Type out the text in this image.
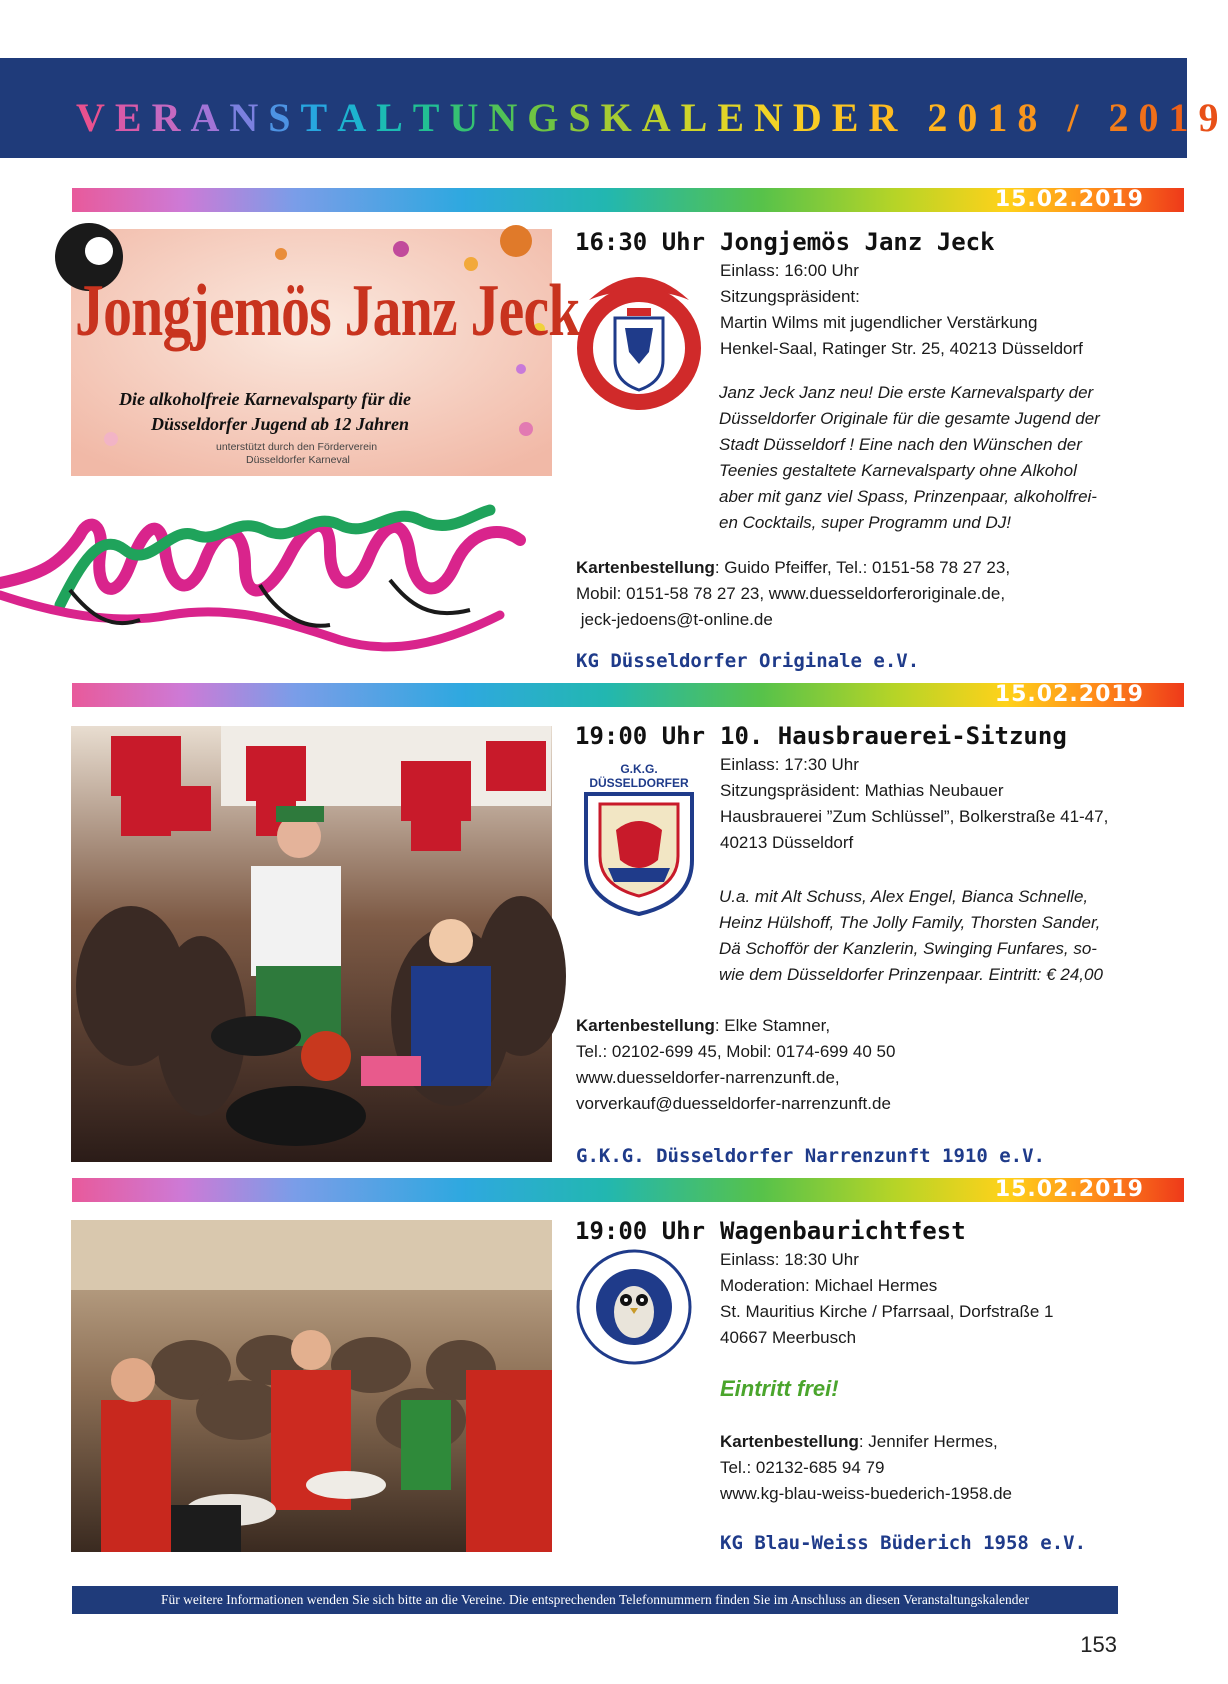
VERANSTALTUNGSKALENDER 2018 / 2019
15.02.2019
Jongjemös Janz Jeck
Die alkoholfreie Karnevalsparty für die
Düsseldorfer Jugend ab 12 Jahren
unterstützt durch den Förderverein
Düsseldorfer Karneval
16:30 Uhr Jongjemös Janz Jeck
Einlass: 16:00 Uhr
Sitzungspräsident:
Martin Wilms mit jugendlicher Verstärkung
Henkel-Saal, Ratinger Str. 25, 40213 Düsseldorf
Janz Jeck Janz neu! Die erste Karnevalsparty der
Düsseldorfer Originale für die gesamte Jugend der
Stadt Düsseldorf ! Eine nach den Wünschen der
Teenies gestaltete Karnevalsparty ohne Alkohol
aber mit ganz viel Spass, Prinzenpaar, alkoholfrei-
en Cocktails, super Programm und DJ!
Kartenbestellung: Guido Pfeiffer, Tel.: 0151-58 78 27 23,
Mobil: 0151-58 78 27 23, www.duesseldorferoriginale.de,
jeck-jedoens@t-online.de
KG Düsseldorfer Originale e.V.
15.02.2019
19:00 Uhr 10. Hausbrauerei-Sitzung
G.K.G.
DÜSSELDORFER
Einlass: 17:30 Uhr
Sitzungspräsident: Mathias Neubauer
Hausbrauerei ”Zum Schlüssel”, Bolkerstraße 41-47,
40213 Düsseldorf
U.a. mit Alt Schuss, Alex Engel, Bianca Schnelle,
Heinz Hülshoff, The Jolly Family, Thorsten Sander,
Dä Schofför der Kanzlerin, Swinging Funfares, so-
wie dem Düsseldorfer Prinzenpaar. Eintritt: € 24,00
Kartenbestellung: Elke Stamner,
Tel.: 02102-699 45, Mobil: 0174-699 40 50
www.duesseldorfer-narrenzunft.de,
vorverkauf@duesseldorfer-narrenzunft.de
G.K.G. Düsseldorfer Narrenzunft 1910 e.V.
15.02.2019
19:00 Uhr Wagenbaurichtfest
Einlass: 18:30 Uhr
Moderation: Michael Hermes
St. Mauritius Kirche / Pfarrsaal, Dorfstraße 1
40667 Meerbusch
Eintritt frei!
Kartenbestellung: Jennifer Hermes,
Tel.: 02132-685 94 79
www.kg-blau-weiss-buederich-1958.de
KG Blau-Weiss Büderich 1958 e.V.
Für weitere Informationen wenden Sie sich bitte an die Vereine. Die entsprechenden Telefonnummern finden Sie im Anschluss an diesen Veranstaltungskalender
153
